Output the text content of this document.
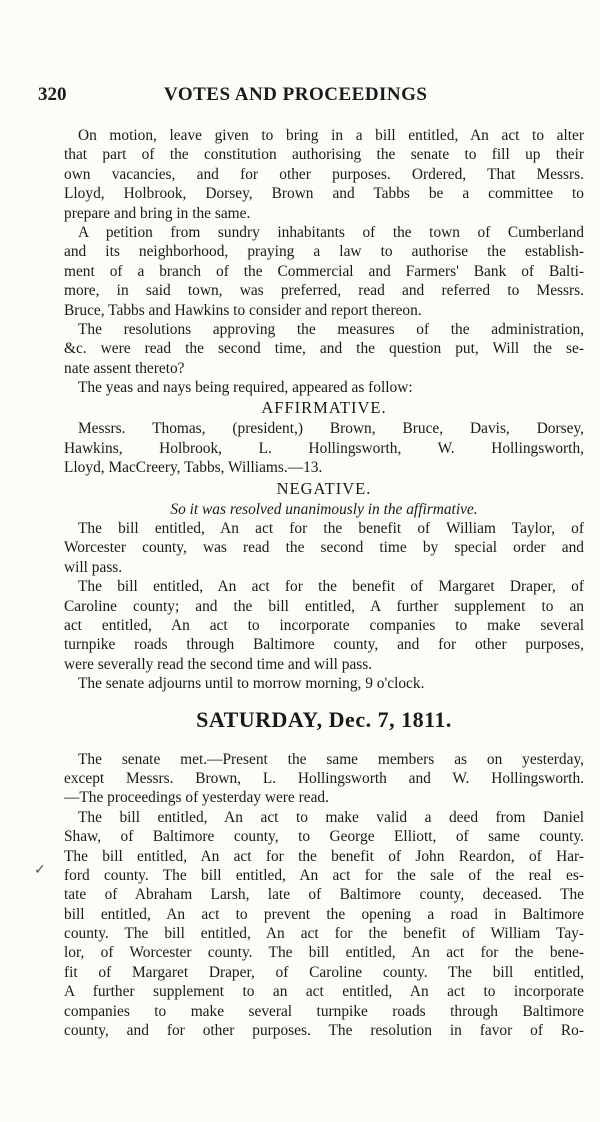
320	VOTES AND PROCEEDINGS
✓
On motion, leave given to bring in a bill entitled, An act to alter
that part of the constitution authorising the senate to fill up their
own vacancies, and for other purposes. Ordered, That Messrs.
Lloyd, Holbrook, Dorsey, Brown and Tabbs be a committee to
prepare and bring in the same.
A petition from sundry inhabitants of the town of Cumberland
and its neighborhood, praying a law to authorise the establish-
ment of a branch of the Commercial and Farmers' Bank of Balti-
more, in said town, was preferred, read and referred to Messrs.
Bruce, Tabbs and Hawkins to consider and report thereon.
The resolutions approving the measures of the administration,
&c. were read the second time, and the question put, Will the se-
nate assent thereto?
The yeas and nays being required, appeared as follow:
AFFIRMATIVE.
Messrs. Thomas, (president,) Brown, Bruce, Davis, Dorsey,
Hawkins, Holbrook, L. Hollingsworth, W. Hollingsworth,
Lloyd, MacCreery, Tabbs, Williams.—13.
NEGATIVE.
So it was resolved unanimously in the affirmative.
The bill entitled, An act for the benefit of William Taylor, of
Worcester county, was read the second time by special order and
will pass.
The bill entitled, An act for the benefit of Margaret Draper, of
Caroline county; and the bill entitled, A further supplement to an
act entitled, An act to incorporate companies to make several
turnpike roads through Baltimore county, and for other purposes,
were severally read the second time and will pass.
The senate adjourns until to morrow morning, 9 o'clock.
SATURDAY, Dec. 7, 1811.
The senate met.—Present the same members as on yesterday,
except Messrs. Brown, L. Hollingsworth and W. Hollingsworth.
—The proceedings of yesterday were read.
The bill entitled, An act to make valid a deed from Daniel
Shaw, of Baltimore county, to George Elliott, of same county.
The bill entitled, An act for the benefit of John Reardon, of Har-
ford county. The bill entitled, An act for the sale of the real es-
tate of Abraham Larsh, late of Baltimore county, deceased. The
bill entitled, An act to prevent the opening a road in Baltimore
county. The bill entitled, An act for the benefit of William Tay-
lor, of Worcester county. The bill entitled, An act for the bene-
fit of Margaret Draper, of Caroline county. The bill entitled,
A further supplement to an act entitled, An act to incorporate
companies to make several turnpike roads through Baltimore
county, and for other purposes. The resolution in favor of Ro-
